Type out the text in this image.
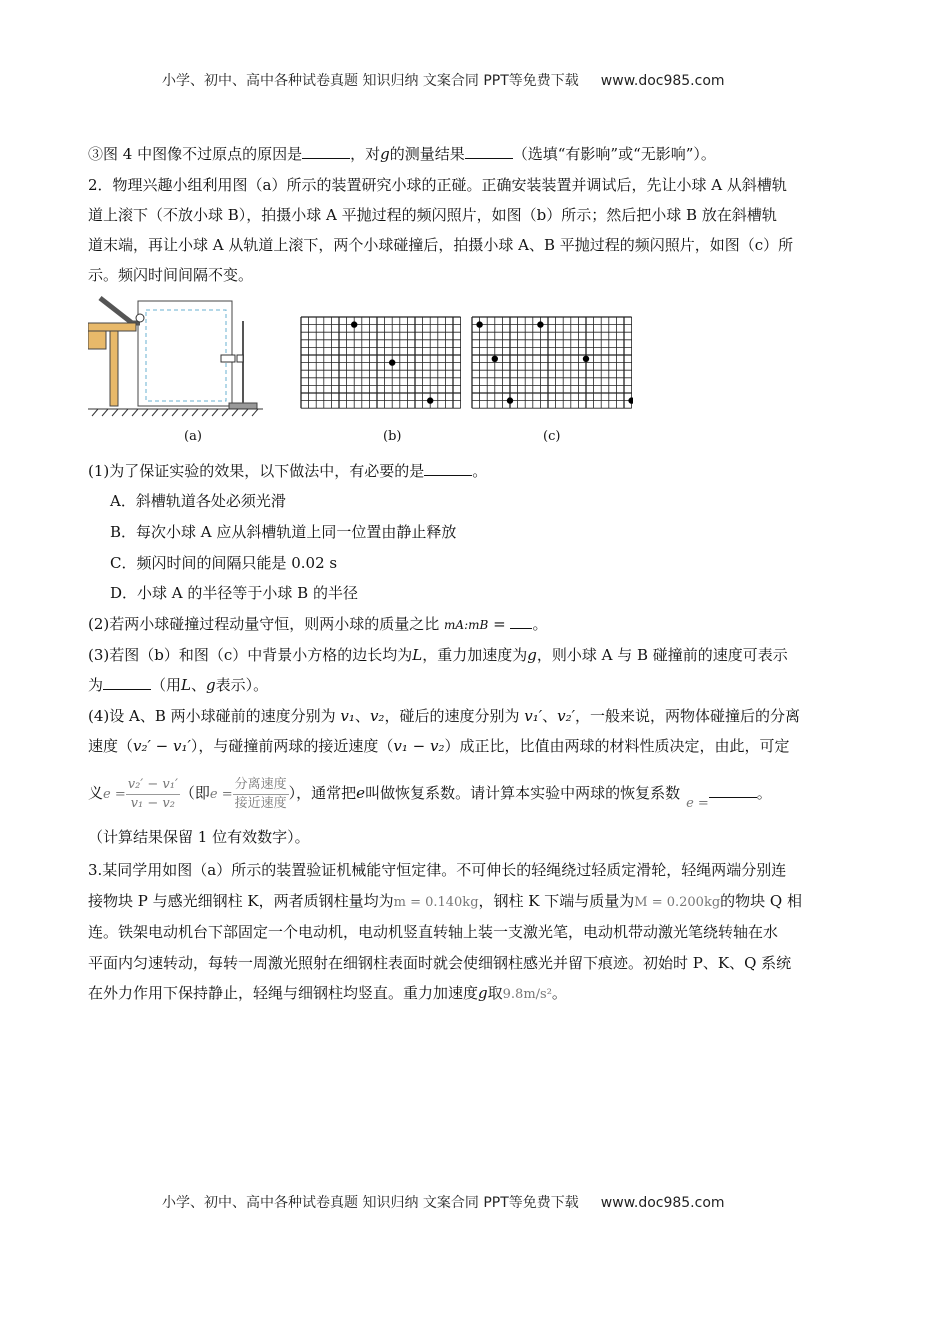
小学、初中、高中各种试卷真题 知识归纳 文案合同 PPT等免费下载 www.doc985.com
③图 4 中图像不过原点的原因是	，对g的测量结果	（选填“有影响”或“无影响”）。
2．物理兴趣小组利用图（a）所示的装置研究小球的正碰。正确安装装置并调试后，先让小球 A 从斜槽轨
道上滚下（不放小球 B），拍摄小球 A 平抛过程的频闪照片，如图（b）所示；然后把小球 B 放在斜槽轨
道末端，再让小球 A 从轨道上滚下，两个小球碰撞后，拍摄小球 A、B 平抛过程的频闪照片，如图（c）所
示。频闪时间间隔不变。
(a)	(b)	(c)
(1)为了保证实验的效果，以下做法中，有必要的是	。
A．斜槽轨道各处必须光滑
B．每次小球 A 应从斜槽轨道上同一位置由静止释放
C．频闪时间的间隔只能是 0.02 s
D．小球 A 的半径等于小球 B 的半径
(2)若两小球碰撞过程动量守恒，则两小球的质量之比 mA:mB = 。
(3)若图（b）和图（c）中背景小方格的边长均为L，重力加速度为g，则小球 A 与 B 碰撞前的速度可表示
为	（用L、g表示）。
(4)设 A、B 两小球碰前的速度分别为 v₁、v₂，碰后的速度分别为 v₁′、v₂′，一般来说，两物体碰撞后的分离
速度（v₂′ − v₁′），与碰撞前两球的接近速度（v₁ − v₂）成正比，比值由两球的材料性质决定，由此，可定
义$e = \frac{\text{v₂′ − v₁′}}{\text{v₁ − v₂}}$ （即$e = \frac{\text{分离速度}}{\text{接近速度}}$ ），通常把e叫做恢复系数。请计算本实验中两球的恢复系数e =。
（计算结果保留 1 位有效数字）。
3.某同学用如图（a）所示的装置验证机械能守恒定律。不可伸长的轻绳绕过轻质定滑轮，轻绳两端分别连
接物块 P 与感光细钢柱 K，两者质钢柱量均为m = 0.140kg，钢柱 K 下端与质量为M = 0.200kg的物块 Q 相
连。铁架电动机台下部固定一个电动机，电动机竖直转轴上装一支激光笔，电动机带动激光笔绕转轴在水
平面内匀速转动，每转一周激光照射在细钢柱表面时就会使细钢柱感光并留下痕迹。初始时 P、K、Q 系统
在外力作用下保持静止，轻绳与细钢柱均竖直。重力加速度g取9.8m/s²。
小学、初中、高中各种试卷真题 知识归纳 文案合同 PPT等免费下载 www.doc985.com
